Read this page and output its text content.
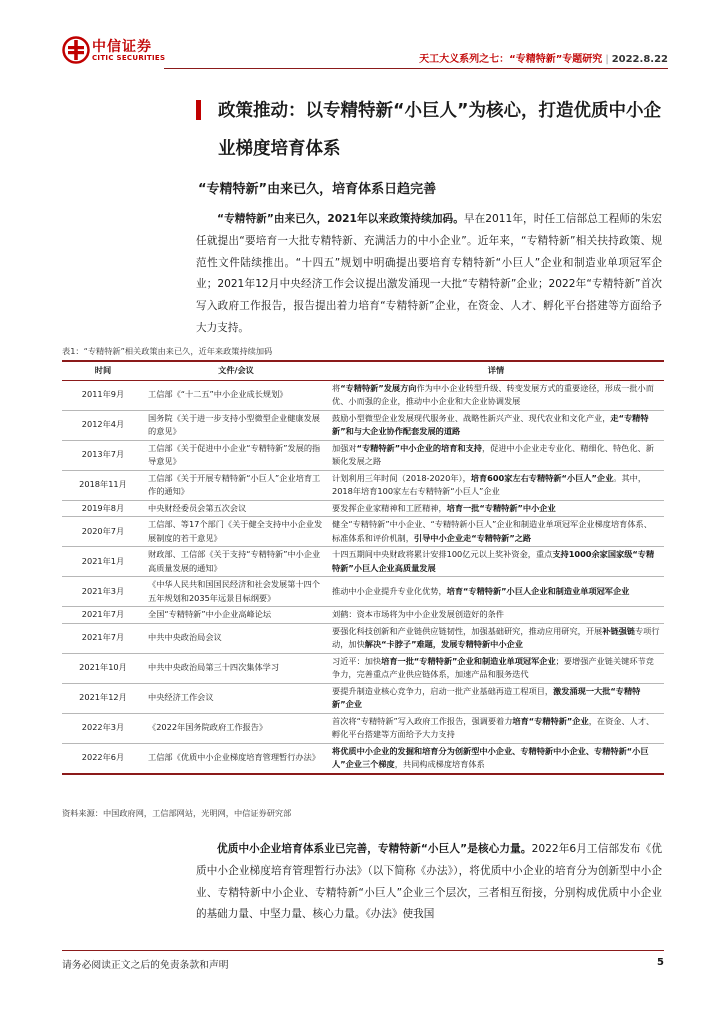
中信证券
CITIC SECURITIES	天工大义系列之七：“专精特新”专题研究 | 2022.8.22
政策推动：以专精特新“小巨人”为核心，打造优质中小企业梯度培育体系
“专精特新”由来已久，培育体系日趋完善

“专精特新”由来已久，2021年以来政策持续加码。早在2011年，时任工信部总工程师的朱宏任就提出“要培育一大批专精特新、充满活力的中小企业”。近年来，“专精特新”相关扶持政策、规范性文件陆续推出。“十四五”规划中明确提出要培育专精特新“小巨人”企业和制造业单项冠军企业；2021年12月中央经济工作会议提出激发涌现一大批“专精特新”企业；2022年“专精特新”首次写入政府工作报告，报告提出着力培育“专精特新”企业，在资金、人才、孵化平台搭建等方面给予大力支持。

表1：“专精特新”相关政策由来已久，近年来政策持续加码
时间	文件/会议	详情
2011年9月	工信部《“十二五”中小企业成长规划》	将“专精特新”发展方向作为中小企业转型升级、转变发展方式的重要途径，形成一批小而优、小而强的企业，推动中小企业和大企业协调发展
2012年4月	国务院《关于进一步支持小型微型企业健康发展的意见》	鼓励小型微型企业发展现代服务业、战略性新兴产业、现代农业和文化产业，走“专精特新”和与大企业协作配套发展的道路
2013年7月	工信部《关于促进中小企业“专精特新”发展的指导意见》	加强对“专精特新”中小企业的培育和支持，促进中小企业走专业化、精细化、特色化、新颖化发展之路
2018年11月	工信部《关于开展专精特新“小巨人”企业培育工作的通知》	计划利用三年时间（2018-2020年），培育600家左右专精特新“小巨人”企业。其中，2018年培育100家左右专精特新“小巨人”企业
2019年8月	中央财经委员会第五次会议	要发挥企业家精神和工匠精神，培育一批“专精特新”中小企业
2020年7月	工信部、等17个部门《关于健全支持中小企业发展制度的若干意见》	健全“专精特新”中小企业、“专精特新小巨人”企业和制造业单项冠军企业梯度培育体系、标准体系和评价机制，引导中小企业走“专精特新”之路
2021年1月	财政部、工信部《关于支持“专精特新”中小企业高质量发展的通知》	十四五期间中央财政将累计安排100亿元以上奖补资金，重点支持1000余家国家级“专精特新”小巨人企业高质量发展
2021年3月	《中华人民共和国国民经济和社会发展第十四个五年规划和2035年远景目标纲要》	推动中小企业提升专业化优势，培育“专精特新”小巨人企业和制造业单项冠军企业
2021年7月	全国“专精特新”中小企业高峰论坛	刘鹤：资本市场将为中小企业发展创造好的条件
2021年7月	中共中央政治局会议	要强化科技创新和产业链供应链韧性，加强基础研究，推动应用研究，开展补链强链专项行动，加快解决“卡脖子”难题，发展专精特新中小企业
2021年10月	中共中央政治局第三十四次集体学习	习近平：加快培育一批“专精特新”企业和制造业单项冠军企业；要增强产业链关键环节竞争力，完善重点产业供应链体系，加速产品和服务迭代
2021年12月	中央经济工作会议	要提升制造业核心竞争力，启动一批产业基础再造工程项目，激发涌现一大批“专精特新”企业
2022年3月	《2022年国务院政府工作报告》	首次将“专精特新”写入政府工作报告，强调要着力培育“专精特新”企业，在资金、人才、孵化平台搭建等方面给予大力支持
2022年6月	工信部《优质中小企业梯度培育管理暂行办法》	将优质中小企业的发掘和培育分为创新型中小企业、专精特新中小企业、专精特新“小巨人”企业三个梯度，共同构成梯度培育体系
资料来源：中国政府网，工信部网站，光明网，中信证券研究部

优质中小企业培育体系业已完善，专精特新“小巨人”是核心力量。2022年6月工信部发布《优质中小企业梯度培育管理暂行办法》（以下简称《办法》），将优质中小企业的培育分为创新型中小企业、专精特新中小企业、专精特新“小巨人”企业三个层次，三者相互衔接，分别构成优质中小企业的基础力量、中坚力量、核心力量。《办法》使我国

请务必阅读正文之后的免责条款和声明	5
